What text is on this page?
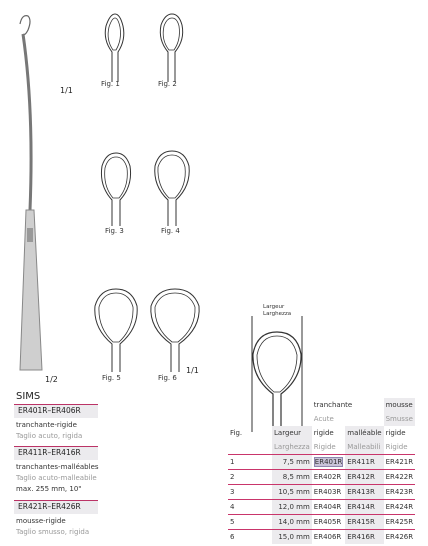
1/1
1/2
Fig. 1	Fig. 2
Fig. 3	Fig. 4
Fig. 5	Fig. 6
1/1
SIMS
ER401R–ER406R
tranchante-rigide
Taglio acuto, rigida
ER411R–ER416R
tranchantes-malléables
Taglio acuto-malleabile
max. 255 mm, 10"
ER421R–ER426R
mousse-rigide
Taglio smusso, rigida
Largeur
Larghezza
		tranchante		mousse
		Acute		Smusse
Fig.	Largeur	rigide	malléable	rigide
	Larghezza	Rigide	Malleabili	Rigide
1	7,5 mm	ER401R	ER411R	ER421R
2	8,5 mm	ER402R	ER412R	ER422R
3	10,5 mm	ER403R	ER413R	ER423R
4	12,0 mm	ER404R	ER414R	ER424R
5	14,0 mm	ER405R	ER415R	ER425R
6	15,0 mm	ER406R	ER416R	ER426R
